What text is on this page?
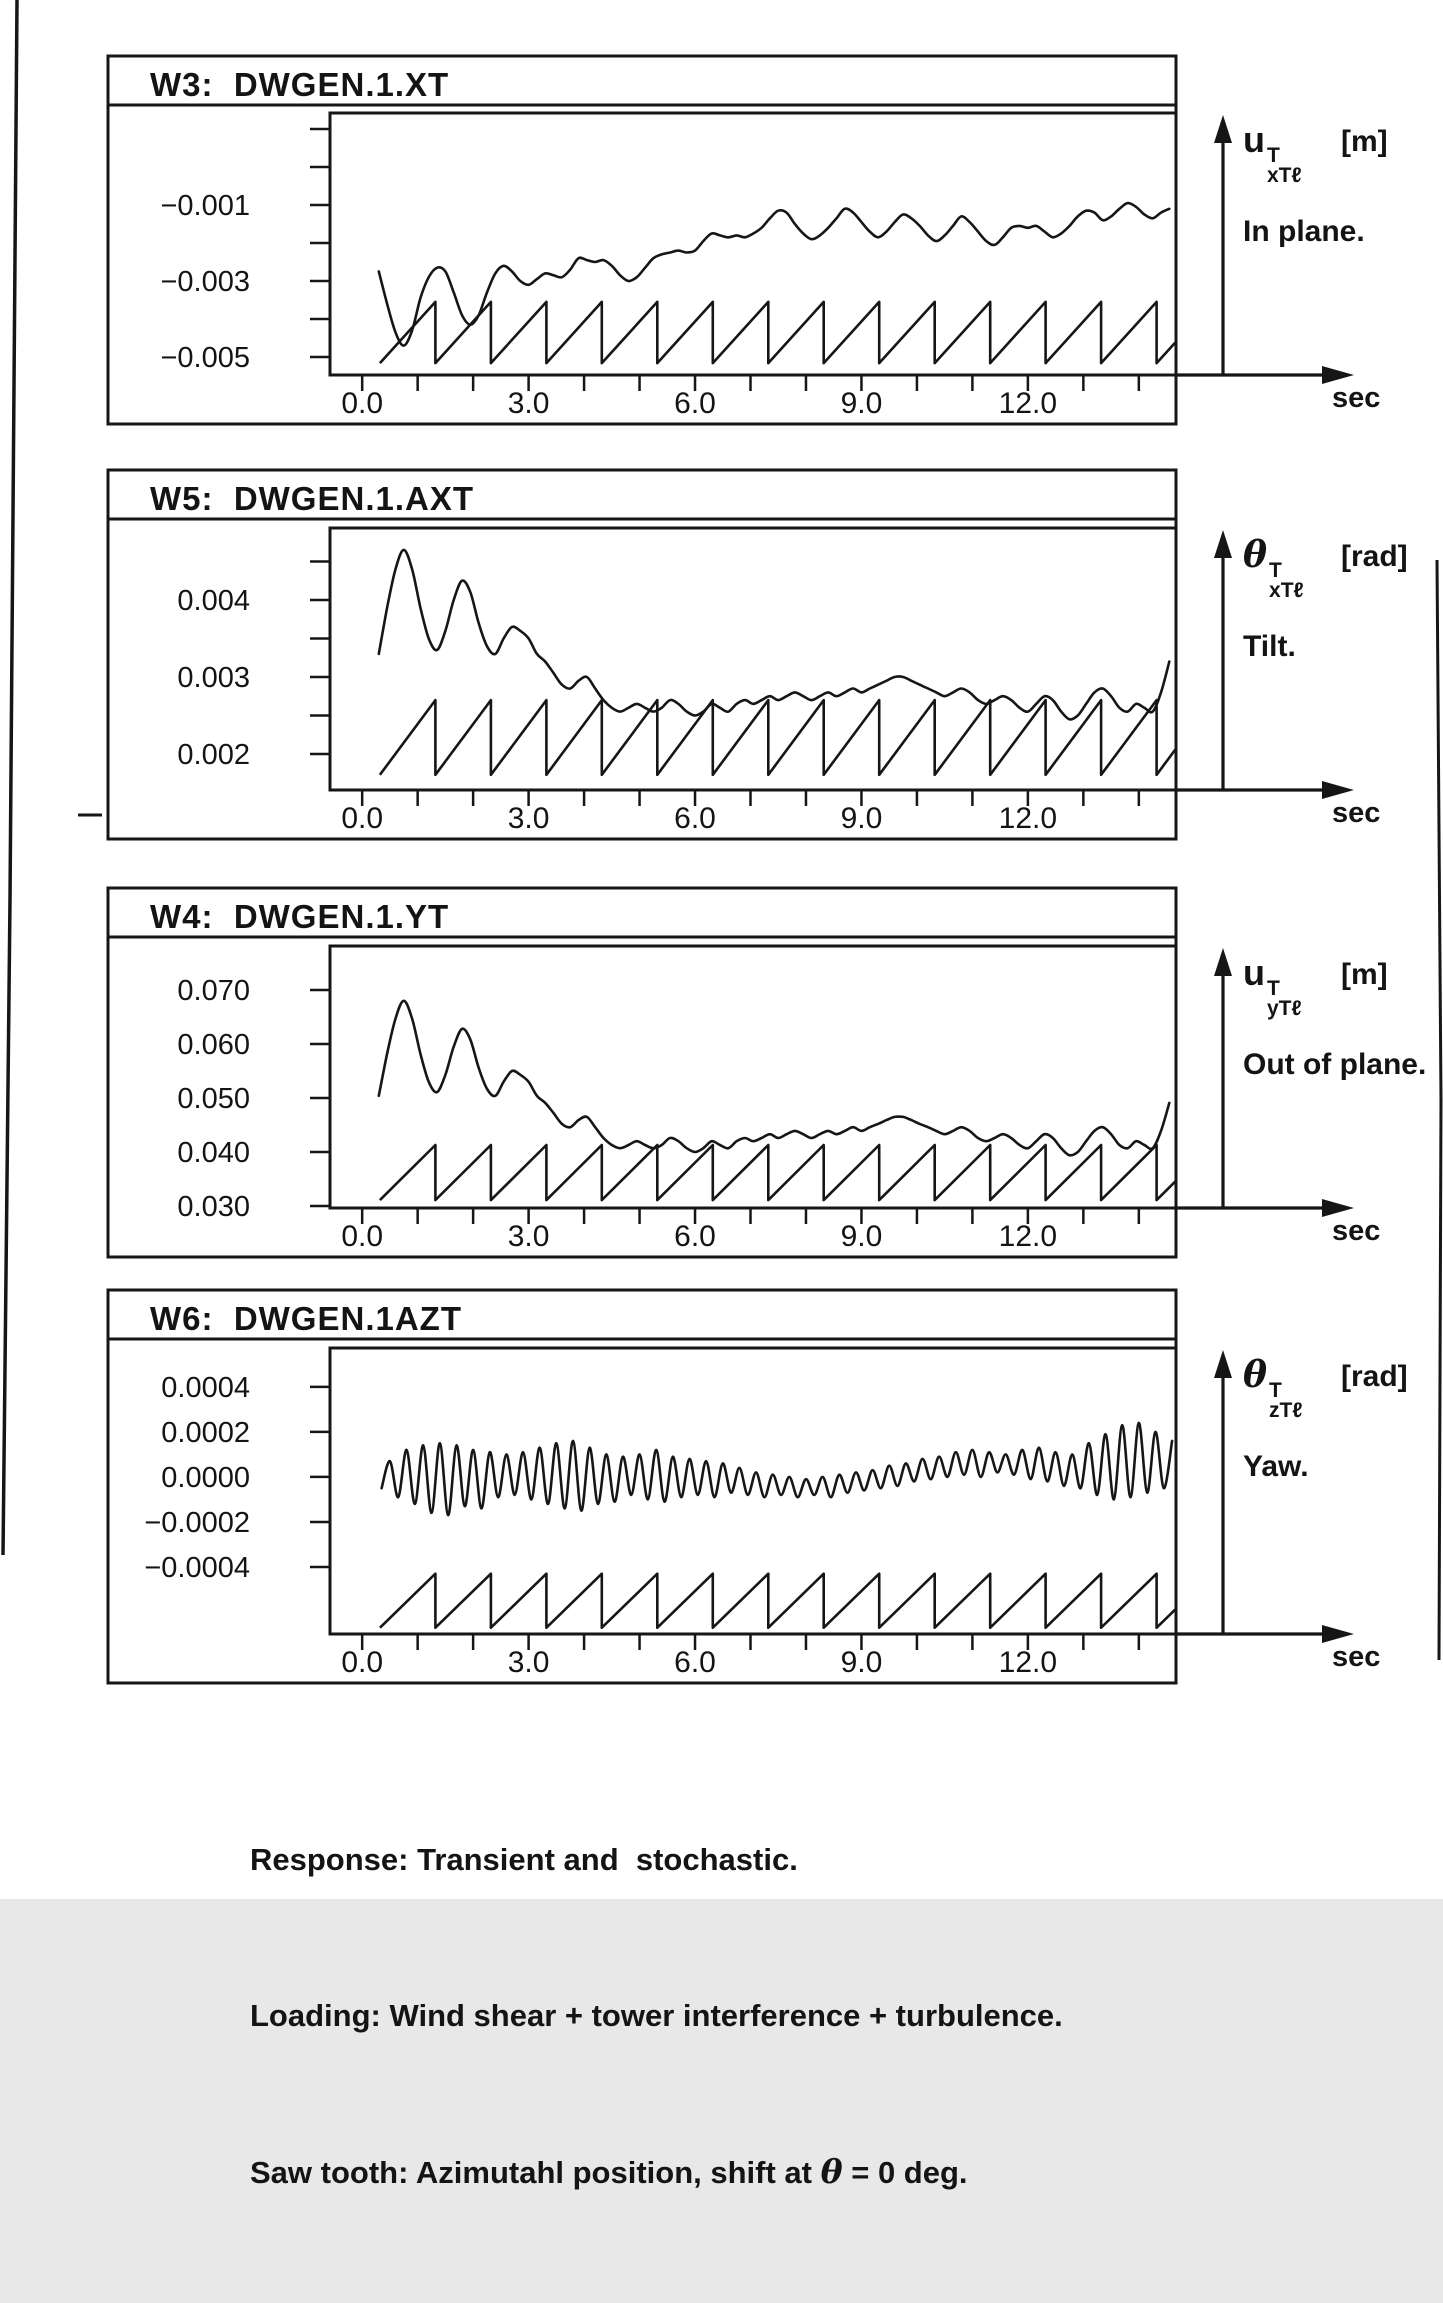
−0.001
−0.003
−0.005
0.0	3.0	6.0	9.0	12.0	sec
0.004
0.003
0.002
0.0	3.0	6.0	9.0	12.0	sec
0.070
0.060
0.050
0.040
0.030
0.0	3.0	6.0	9.0	12.0	sec
0.0004
0.0002
0.0000
−0.0002
−0.0004
0.0	3.0	6.0	9.0	12.0	sec
W3:  DWGEN.1.XT
u T
xTℓ
[m]
In plane.
W5:  DWGEN.1.AXT
θ T
xTℓ
[rad]
Tilt.
W4:  DWGEN.1.YT
u T
yTℓ
[m]
Out of plane.
W6:  DWGEN.1AZT
θ T
zTℓ
[rad]
Yaw.

Response: Transient and  stochastic.

Loading: Wind shear + tower interference + turbulence.

Saw tooth: Azimutahl position, shift at θ = 0 deg.
